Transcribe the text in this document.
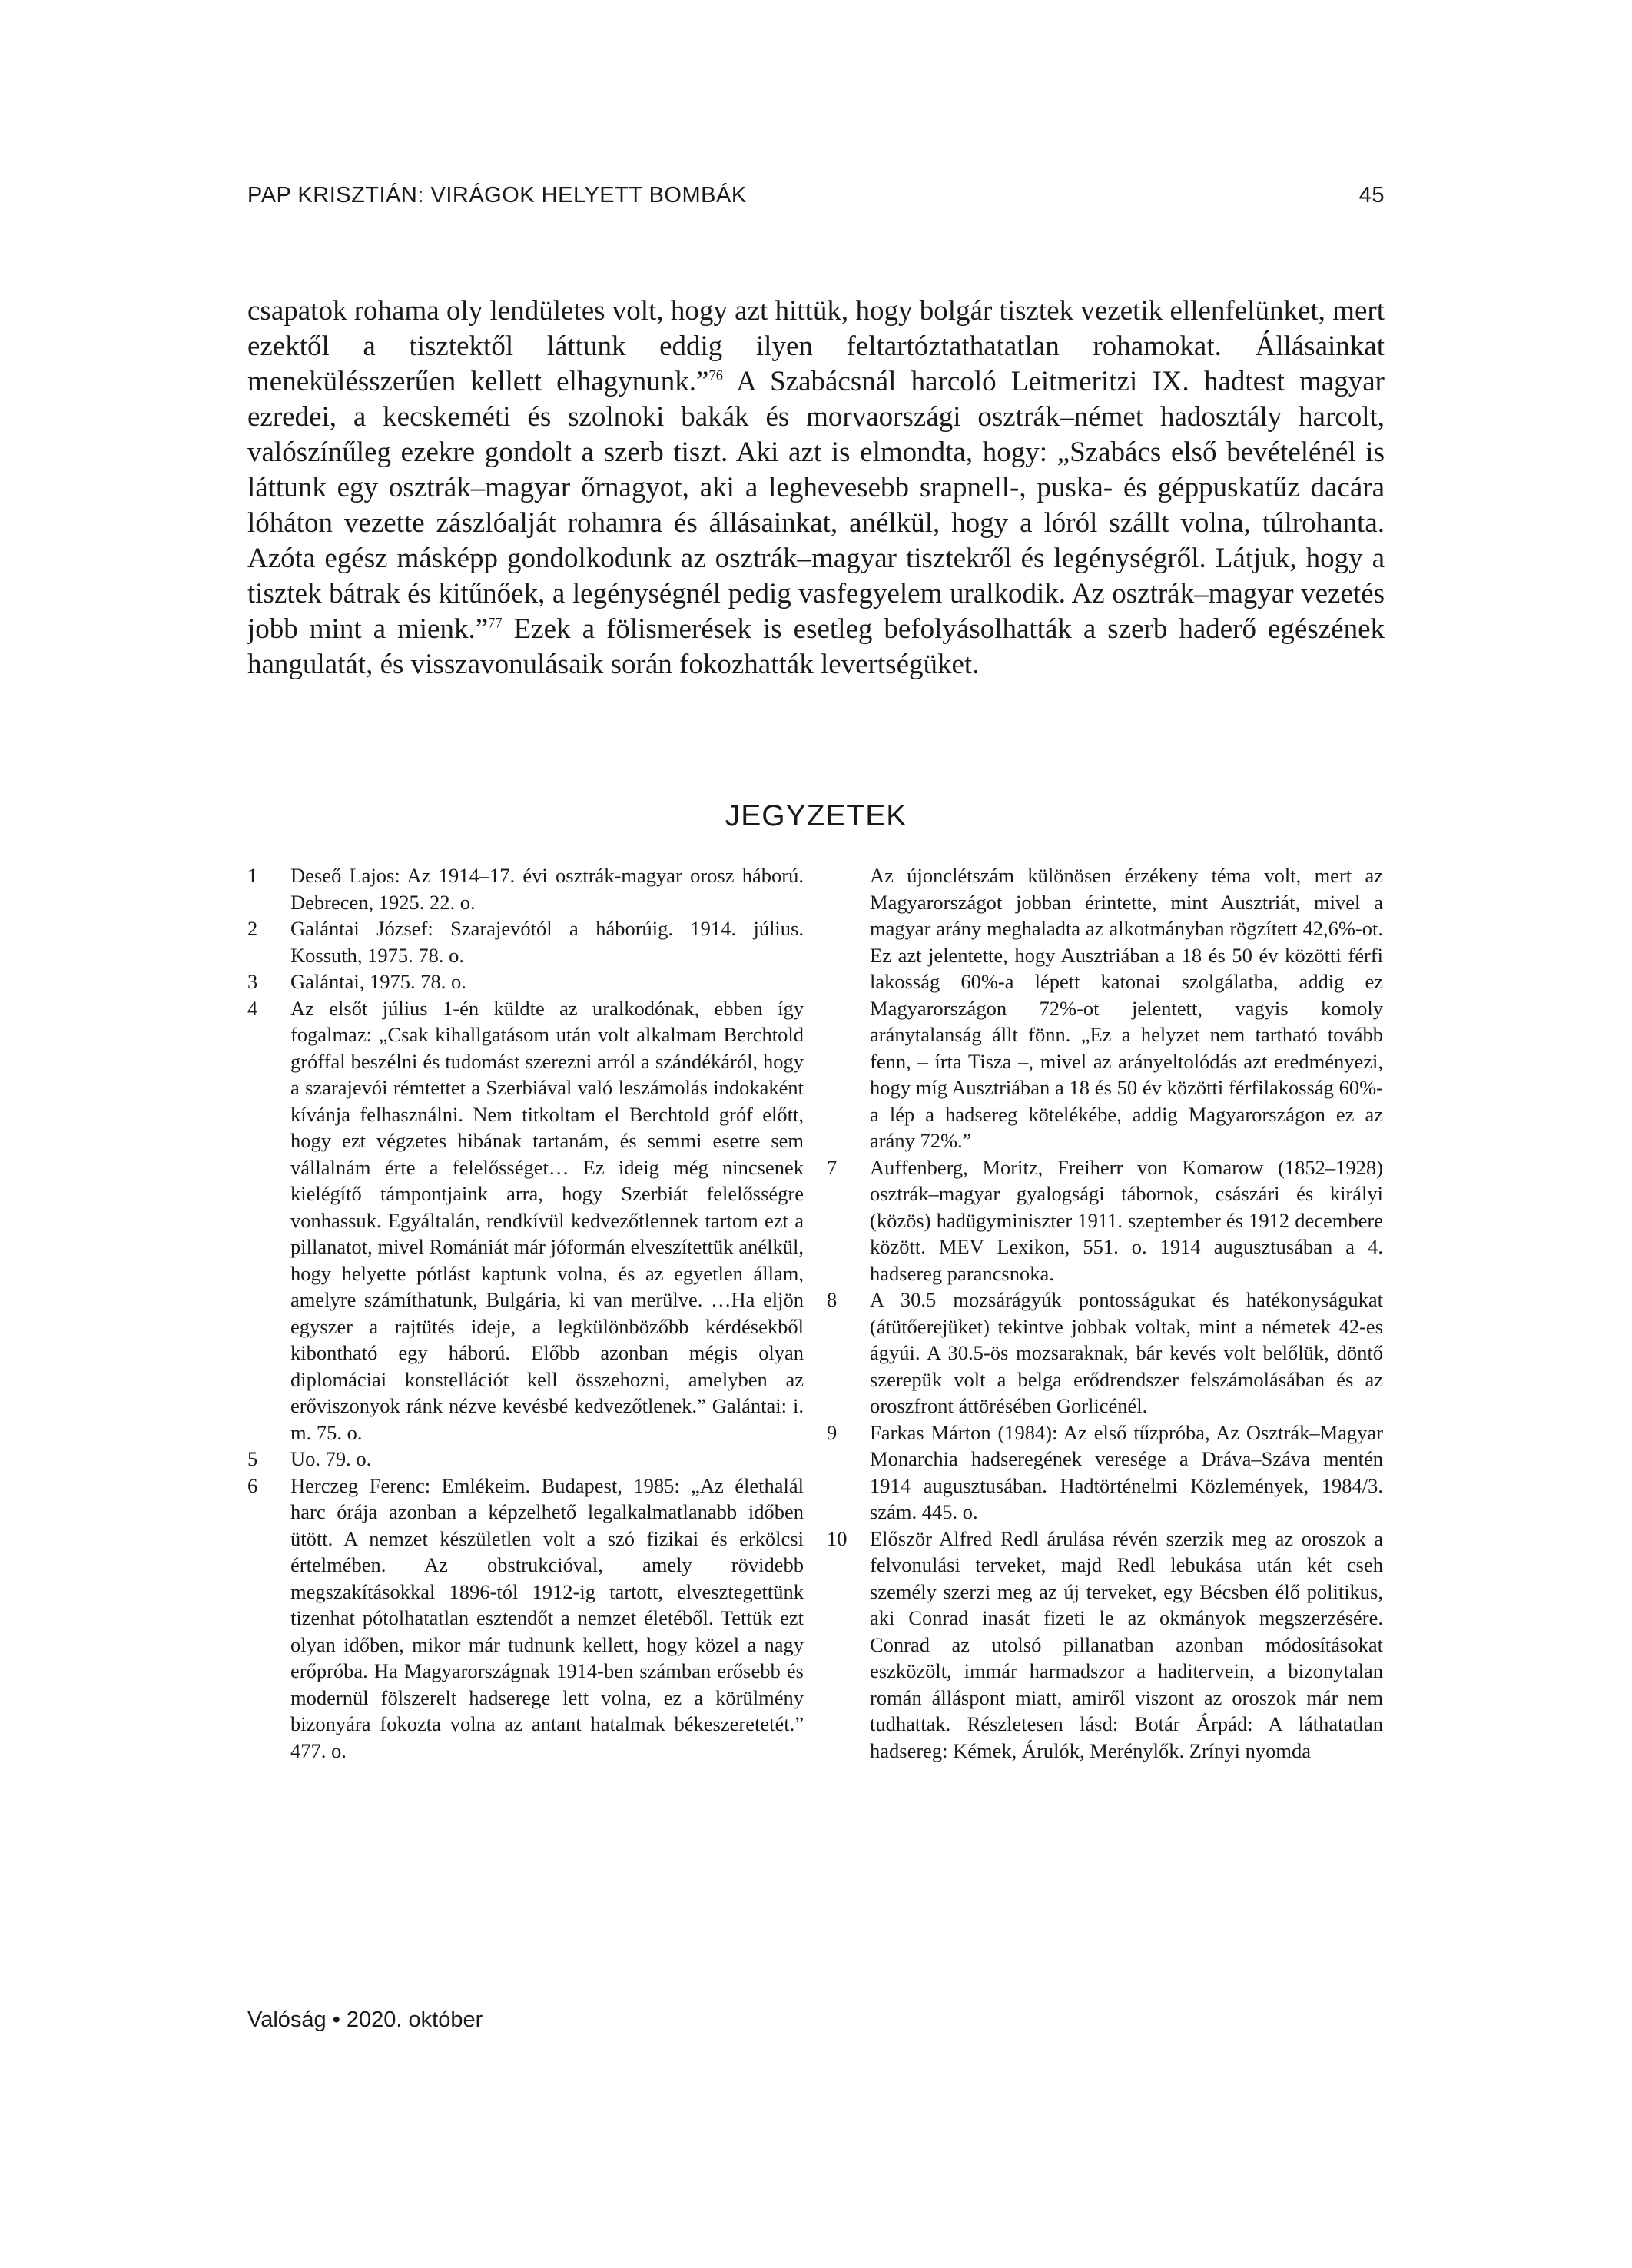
PAP KRISZTIÁN: VIRÁGOK HELYETT BOMBÁK	45

csapatok rohama oly lendületes volt, hogy azt hittük, hogy bolgár tisztek vezetik ellenfelünket, mert ezektől a tisztektől láttunk eddig ilyen feltartóztathatatlan rohamokat. Állásainkat menekülésszerűen kellett elhagynunk.”$^{76}$ A Szabácsnál harcoló Leitmeritzi IX. hadtest magyar ezredei, a kecskeméti és szolnoki bakák és morvaországi osztrák–német hadosztály harcolt, valószínűleg ezekre gondolt a szerb tiszt. Aki azt is elmondta, hogy: „Szabács első bevételénél is láttunk egy osztrák–magyar őrnagyot, aki a leghevesebb srapnell-, puska- és géppuskatűz dacára lóháton vezette zászlóalját rohamra és állásainkat, anélkül, hogy a lóról szállt volna, túlrohanta. Azóta egész másképp gondolkodunk az osztrák–magyar tisztekről és legénységről. Látjuk, hogy a tisztek bátrak és kitűnőek, a legénységnél pedig vasfegyelem uralkodik. Az osztrák–magyar vezetés jobb mint a mienk.”$^{77}$ Ezek a fölismerések is esetleg befolyásolhatták a szerb haderő egészének hangulatát, és visszavonulásaik során fokozhatták levertségüket.

JEGYZETEK
1	Deseő Lajos: Az 1914–17. évi osztrák-magyar orosz háború. Debrecen, 1925. 22. o.
2	Galántai József: Szarajevótól a háborúig. 1914. július. Kossuth, 1975. 78. o.
3	Galántai, 1975. 78. o.
4	Az elsőt július 1-én küldte az uralkodónak, ebben így fogalmaz: „Csak kihallgatásom után volt alkalmam Berchtold gróffal beszélni és tudomást szerezni arról a szándékáról, hogy a szarajevói rémtettet a Szerbiával való leszámolás indokaként kívánja felhasználni. Nem titkoltam el Berchtold gróf előtt, hogy ezt végzetes hibának tartanám, és semmi esetre sem vállalnám érte a felelősséget… Ez ideig még nincsenek kielégítő támpontjaink arra, hogy Szerbiát felelősségre vonhassuk. Egyáltalán, rendkívül kedvezőtlennek tartom ezt a pillanatot, mivel Romániát már jóformán elveszítettük anélkül, hogy helyette pótlást kaptunk volna, és az egyetlen állam, amelyre számíthatunk, Bulgária, ki van merülve. …Ha eljön egyszer a rajtütés ideje, a legkülönbözőbb kérdésekből kibontható egy háború. Előbb azonban mégis olyan diplomáciai konstellációt kell összehozni, amelyben az erőviszonyok ránk nézve kevésbé kedvezőtlenek.” Galántai: i. m. 75. o.
5	Uo. 79. o.
6	Herczeg Ferenc: Emlékeim. Budapest, 1985: „Az élethalál harc órája azonban a képzelhető legalkalmatlanabb időben ütött. A nemzet készületlen volt a szó fizikai és erkölcsi értelmében. Az obstrukcióval, amely rövidebb megszakításokkal 1896-tól 1912-ig tartott, elvesztegettünk tizenhat pótolhatatlan esztendőt a nemzet életéből. Tettük ezt olyan időben, mikor már tudnunk kellett, hogy közel a nagy erőpróba. Ha Magyarországnak 1914-ben számban erősebb és modernül fölszerelt hadserege lett volna, ez a körülmény bizonyára fokozta volna az antant hatalmak békeszeretetét.” 477. o.
Az újonclétszám különösen érzékeny téma volt, mert az Magyarországot jobban érintette, mint Ausztriát, mivel a magyar arány meghaladta az alkotmányban rögzített 42,6%-ot. Ez azt jelentette, hogy Ausztriában a 18 és 50 év közötti férfi lakosság 60%-a lépett katonai szolgálatba, addig ez Magyarországon 72%-ot jelentett, vagyis komoly aránytalanság állt fönn. „Ez a helyzet nem tartható tovább fenn, – írta Tisza –, mivel az arányeltolódás azt eredményezi, hogy míg Ausztriában a 18 és 50 év közötti férfilakosság 60%-a lép a hadsereg kötelékébe, addig Magyarországon ez az arány 72%.”
7	Auffenberg, Moritz, Freiherr von Komarow (1852–1928) osztrák–magyar gyalogsági tábornok, császári és királyi (közös) hadügyminiszter 1911. szeptember és 1912 decembere között. MEV Lexikon, 551. o. 1914 augusztusában a 4. hadsereg parancsnoka.
8	A 30.5 mozsárágyúk pontosságukat és hatékonyságukat (átütőerejüket) tekintve jobbak voltak, mint a németek 42-es ágyúi. A 30.5-ös mozsaraknak, bár kevés volt belőlük, döntő szerepük volt a belga erődrendszer felszámolásában és az oroszfront áttörésében Gorlicénél.
9	Farkas Márton (1984): Az első tűzpróba, Az Osztrák–Magyar Monarchia hadseregének veresége a Dráva–Száva mentén 1914 augusztusában. Hadtörténelmi Közlemények, 1984/3. szám. 445. o.
10	Először Alfred Redl árulása révén szerzik meg az oroszok a felvonulási terveket, majd Redl lebukása után két cseh személy szerzi meg az új terveket, egy Bécsben élő politikus, aki Conrad inasát fizeti le az okmányok megszerzésére. Conrad az utolsó pillanatban azonban módosításokat eszközölt, immár harmadszor a haditervein, a bizonytalan román álláspont miatt, amiről viszont az oroszok már nem tudhattak. Részletesen lásd: Botár Árpád: A láthatatlan hadsereg: Kémek, Árulók, Merénylők. Zrínyi nyomda
Valóság • 2020. október
